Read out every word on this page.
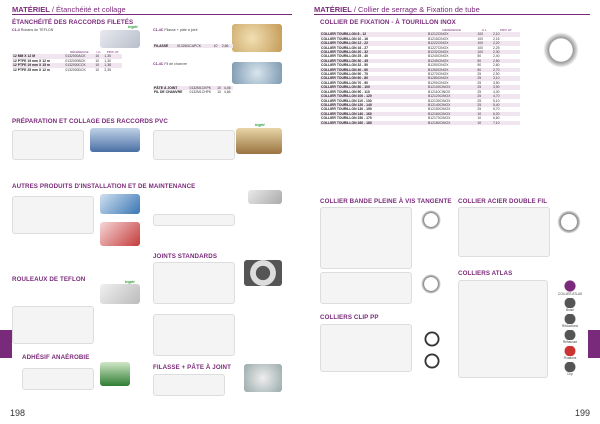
MATÉRIEL / Étanchéité et collage
ÉTANCHÉITÉ DES RACCORDS FILETÉS
C1-4 Rubans de TÉFLON	C1-4C Filasse + pâte à joint
C1-4C Fil de chanvre
ingét
	RÉFÉRENCE	U.L	PRIX HT
12 MM X 12 M	0132000ACK	10	1,30
12 PTFE 19 mm X 12 m	0132000BCK	10	1,30
12 PTFE 19 mm X 15 m	0132000CCK	10	1,38
12 PTFE 25 mm X 12 m	0132000DCK	10	2,35
FILASSE	0132M1CAPCK	10	2,66
PÂTE À JOINT	0132M1CKPK	10	4,46
FIL DE CHANVRE	0132M1CHPK	10	4,66
PRÉPARATION ET COLLAGE DES RACCORDS PVC	ingét
AUTRES PRODUITS D'INSTALLATION ET DE MAINTENANCE
JOINTS STANDARDS
ROULEAUX DE TEFLON	ingét
FILASSE + PÂTE À JOINT
ADHÉSIF ANAÉROBIE
198
MATÉRIEL / Collier de serrage & Fixation de tube
COLLIER DE FIXATION - À TOURILLON INOX
	RÉFÉRENCE	U.L	PRIX HT
COLLIER TOURILLON 8 - 12	B1212CINOX	100	2,10
COLLIER TOURILLON 10 - 16	B1216CINOX	100	2,15
COLLIER TOURILLON 12 - 22	B1222CINOX	100	2,20
COLLIER TOURILLON 16 - 27	B1227CINOX	100	2,25
COLLIER TOURILLON 20 - 32	B1232CINOX	100	2,30
COLLIER TOURILLON 25 - 40	B1240CINOX	50	2,40
COLLIER TOURILLON 30 - 45	B1245CINOX	50	2,50
COLLIER TOURILLON 32 - 50	B1250CINOX	50	2,60
COLLIER TOURILLON 40 - 60	B1260CINOX	50	2,70
COLLIER TOURILLON 50 - 70	B1270CINOX	25	2,90
COLLIER TOURILLON 60 - 80	B1280CINOX	25	3,10
COLLIER TOURILLON 70 - 90	B1290CINOX	25	3,50
COLLIER TOURILLON 80 - 100	B12100CINOX	25	3,90
COLLIER TOURILLON 90 - 110	B12110CINOX	25	4,30
COLLIER TOURILLON 100 - 120	B12120CINOX	25	4,70
COLLIER TOURILLON 110 - 130	B12130CINOX	25	5,10
COLLIER TOURILLON 120 - 140	B12140CINOX	25	5,40
COLLIER TOURILLON 130 - 150	B12150CINOX	25	5,70
COLLIER TOURILLON 140 - 160	B12160CINOX	10	6,20
COLLIER TOURILLON 150 - 170	B12170CINOX	10	6,60
COLLIER TOURILLON 160 - 180	B12180CINOX	10	7,10
COLLIER BANDE PLEINE À VIS TANGENTE COLLIER ACIER DOUBLE FIL
COLLIERS CLIP PP
COLLIERS ATLAS
COLLIER ATLAS
Boisé
Réductions
Réhausse
Fixations
Clip
199
